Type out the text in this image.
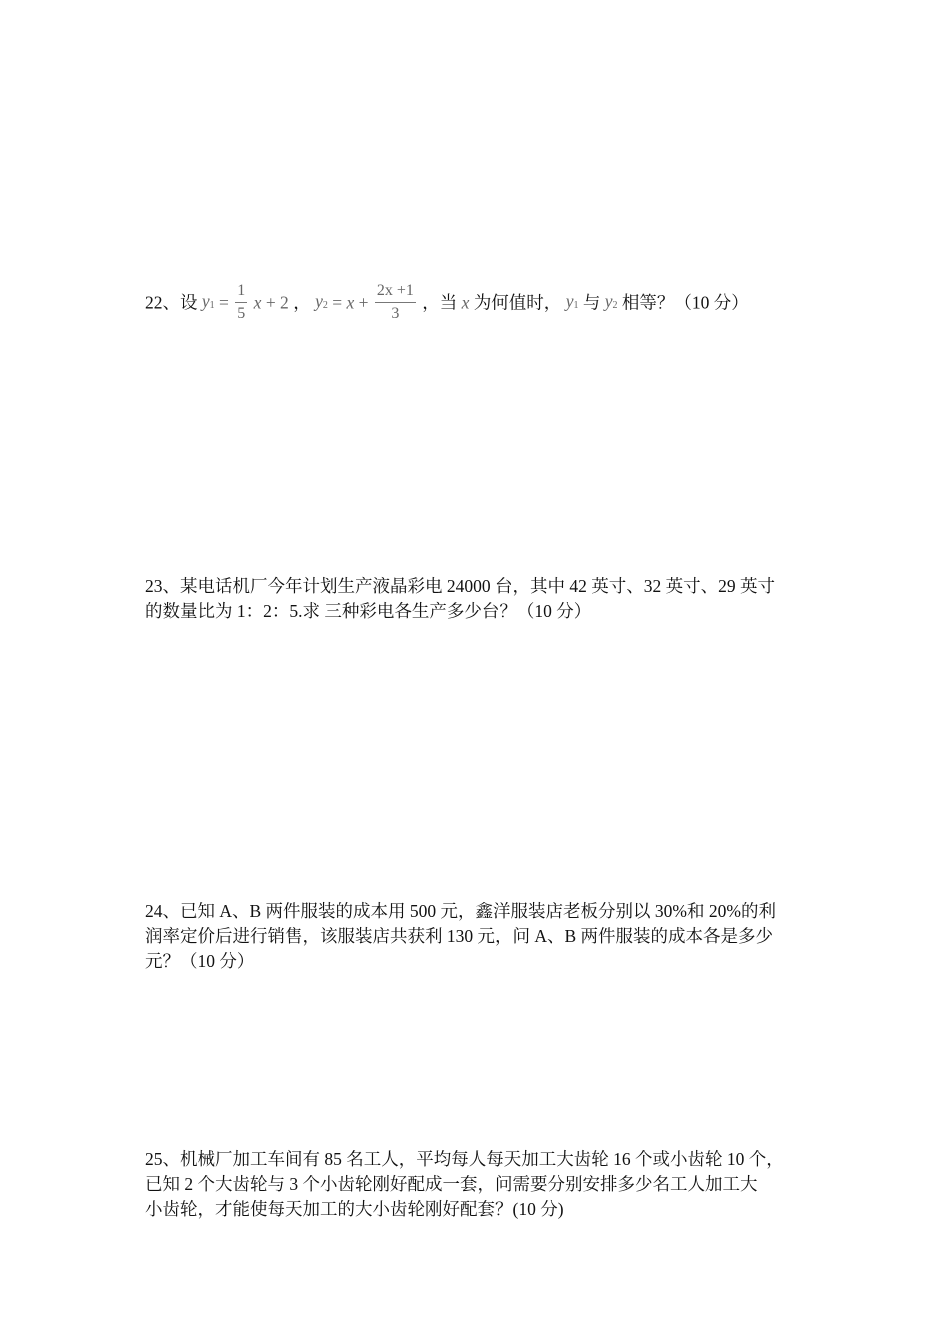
22、设 $y_1 = \frac{1}{5}$ x + 2 ， $y_2 = x + \frac{2x +1}{3}$ ，当 x 为何值时， $y_1$ 与 $y_2$ 相等？（10 分）
23、某电话机厂今年计划生产液晶彩电 24000 台，其中 42 英寸、32 英寸、29 英寸
的数量比为 1：2：5.求 三种彩电各生产多少台？（10 分）
24、已知 A、B 两件服装的成本用 500 元，鑫洋服装店老板分别以 30%和 20%的利
润率定价后进行销售，该服装店共获利 130 元，问 A、B 两件服装的成本各是多少
元？（10 分）
25、机械厂加工车间有 85 名工人，平均每人每天加工大齿轮 16 个或小齿轮 10 个，
已知 2 个大齿轮与 3 个小齿轮刚好配成一套，问需要分别安排多少名工人加工大
小齿轮，才能使每天加工的大小齿轮刚好配套？(10 分)
